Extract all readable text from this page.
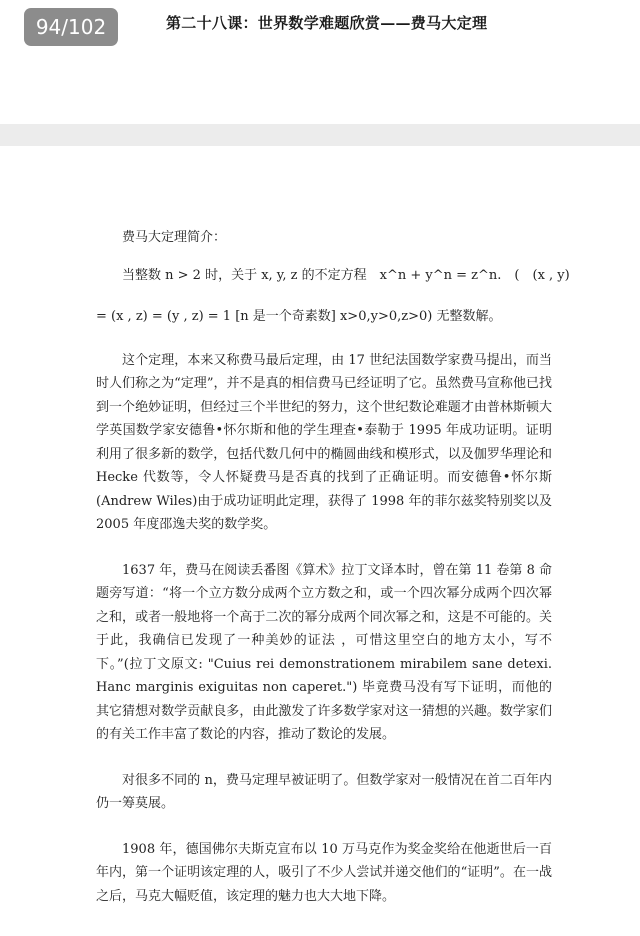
94/102	第二十八课：世界数学难题欣赏——费马大定理

费马大定理简介：

当整数 n > 2 时，关于 x, y, z 的不定方程　x^n + y^n = z^n.　(　(x , y)

= (x , z) = (y , z) = 1 [n 是一个奇素数] x>0,y>0,z>0) 无整数解。

这个定理，本来又称费马最后定理，由 17 世纪法国数学家费马提出，而当时人们称之为“定理”，并不是真的相信费马已经证明了它。虽然费马宣称他已找到一个绝妙证明，但经过三个半世纪的努力，这个世纪数论难题才由普林斯顿大学英国数学家安德鲁•怀尔斯和他的学生理查•泰勒于 1995 年成功证明。证明利用了很多新的数学，包括代数几何中的椭圆曲线和模形式，以及伽罗华理论和 Hecke 代数等，令人怀疑费马是否真的找到了正确证明。而安德鲁•怀尔斯(Andrew Wiles)由于成功证明此定理，获得了 1998 年的菲尔兹奖特别奖以及 2005 年度邵逸夫奖的数学奖。

1637 年，费马在阅读丢番图《算术》拉丁文译本时，曾在第 11 卷第 8 命题旁写道：“将一个立方数分成两个立方数之和，或一个四次幂分成两个四次幂之和，或者一般地将一个高于二次的幂分成两个同次幂之和，这是不可能的。关于此，我确信已发现了一种美妙的证法 ，可惜这里空白的地方太小，写不下。”(拉丁文原文: "Cuius rei demonstrationem mirabilem sane detexi. Hanc marginis exiguitas non caperet.") 毕竟费马没有写下证明，而他的其它猜想对数学贡献良多，由此激发了许多数学家对这一猜想的兴趣。数学家们的有关工作丰富了数论的内容，推动了数论的发展。

对很多不同的 n，费马定理早被证明了。但数学家对一般情况在首二百年内仍一筹莫展。

1908 年，德国佛尔夫斯克宣布以 10 万马克作为奖金奖给在他逝世后一百年内，第一个证明该定理的人，吸引了不少人尝试并递交他们的“证明”。在一战之后，马克大幅贬值，该定理的魅力也大大地下降。
